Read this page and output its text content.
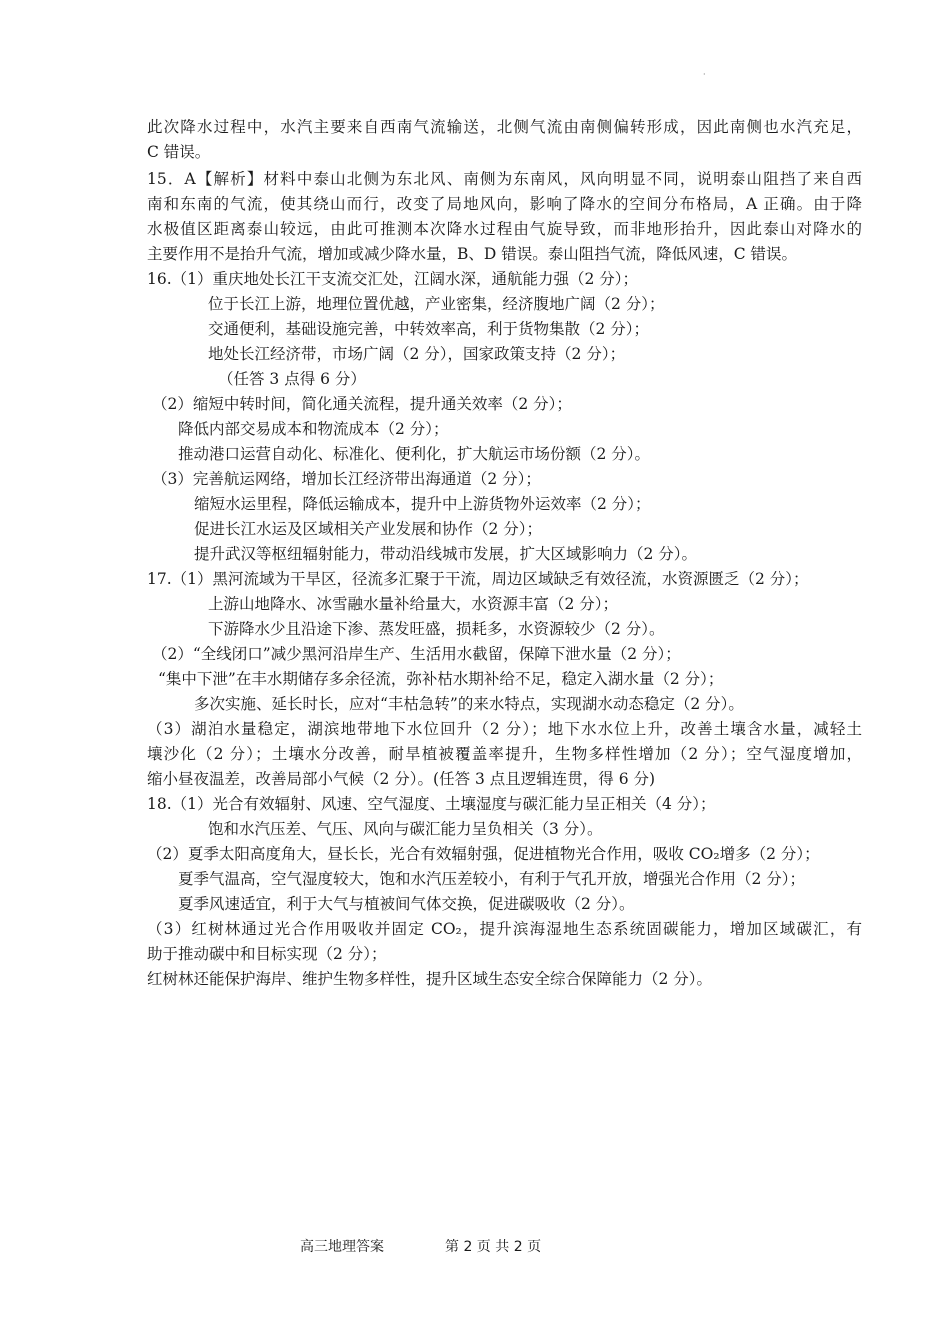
·
此次降水过程中，水汽主要来自西南气流输送，北侧气流由南侧偏转形成，因此南侧也水汽充足，
C 错误。
15．A【解析】材料中泰山北侧为东北风、南侧为东南风，风向明显不同，说明泰山阻挡了来自西
南和东南的气流，使其绕山而行，改变了局地风向，影响了降水的空间分布格局，A 正确。由于降
水极值区距离泰山较远，由此可推测本次降水过程由气旋导致，而非地形抬升，因此泰山对降水的
主要作用不是抬升气流，增加或减少降水量，B、D 错误。泰山阻挡气流，降低风速，C 错误。
16.（1）重庆地处长江干支流交汇处，江阔水深，通航能力强（2 分）；
位于长江上游，地理位置优越，产业密集，经济腹地广阔（2 分）；
交通便利，基础设施完善，中转效率高，利于货物集散（2 分）；
地处长江经济带，市场广阔（2 分），国家政策支持（2 分）；
（任答 3 点得 6 分）
（2）缩短中转时间，简化通关流程，提升通关效率（2 分）；
降低内部交易成本和物流成本（2 分）；
推动港口运营自动化、标准化、便利化，扩大航运市场份额（2 分）。
（3）完善航运网络，增加长江经济带出海通道（2 分）；
缩短水运里程，降低运输成本，提升中上游货物外运效率（2 分）；
促进长江水运及区域相关产业发展和协作（2 分）；
提升武汉等枢纽辐射能力，带动沿线城市发展，扩大区域影响力（2 分）。
17.（1）黑河流域为干旱区，径流多汇聚于干流，周边区域缺乏有效径流，水资源匮乏（2 分）；
上游山地降水、冰雪融水量补给量大，水资源丰富（2 分）；
下游降水少且沿途下渗、蒸发旺盛，损耗多，水资源较少（2 分）。
（2）“全线闭口”减少黑河沿岸生产、生活用水截留，保障下泄水量（2 分）；
“集中下泄”在丰水期储存多余径流，弥补枯水期补给不足，稳定入湖水量（2 分）；
多次实施、延长时长，应对“丰枯急转”的来水特点，实现湖水动态稳定（2 分）。
（3）湖泊水量稳定，湖滨地带地下水位回升（2 分）；地下水水位上升，改善土壤含水量，减轻土
壤沙化（2 分）；土壤水分改善，耐旱植被覆盖率提升，生物多样性增加（2 分）；空气湿度增加，
缩小昼夜温差，改善局部小气候（2 分）。(任答 3 点且逻辑连贯，得 6 分)
18.（1）光合有效辐射、风速、空气湿度、土壤湿度与碳汇能力呈正相关（4 分）；
饱和水汽压差、气压、风向与碳汇能力呈负相关（3 分）。
（2）夏季太阳高度角大，昼长长，光合有效辐射强，促进植物光合作用，吸收 CO₂增多（2 分）；
夏季气温高，空气湿度较大，饱和水汽压差较小，有利于气孔开放，增强光合作用（2 分）；
夏季风速适宜，利于大气与植被间气体交换，促进碳吸收（2 分）。
（3）红树林通过光合作用吸收并固定 CO₂，提升滨海湿地生态系统固碳能力，增加区域碳汇，有
助于推动碳中和目标实现（2 分）；
红树林还能保护海岸、维护生物多样性，提升区域生态安全综合保障能力（2 分）。
高三地理答案	第 2 页 共 2 页
